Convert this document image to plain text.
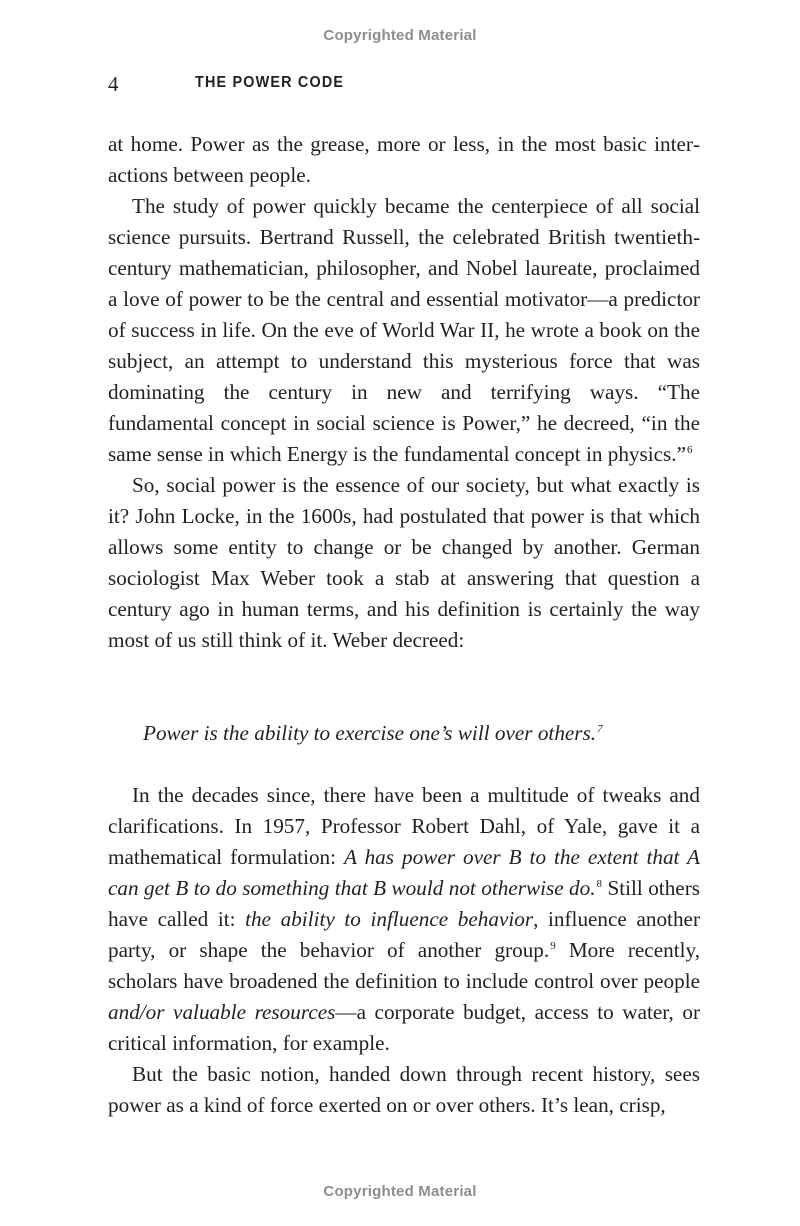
Copyrighted Material
4	THE POWER CODE

at home. Power as the grease, more or less, in the most basic interactions between people.

The study of power quickly became the centerpiece of all social science pursuits. Bertrand Russell, the celebrated British twentieth-century mathematician, philosopher, and Nobel laureate, proclaimed a love of power to be the central and essential motivator—a predictor of success in life. On the eve of World War II, he wrote a book on the subject, an attempt to understand this mysterious force that was dominating the century in new and terrifying ways. “The fundamental concept in social science is Power,” he decreed, “in the same sense in which Energy is the fundamental concept in physics.”$^6$

So, social power is the essence of our society, but what exactly is it? John Locke, in the 1600s, had postulated that power is that which allows some entity to change or be changed by another. German sociologist Max Weber took a stab at answering that question a century ago in human terms, and his definition is certainly the way most of us still think of it. Weber decreed:

Power is the ability to exercise one’s will over others.$^7$

In the decades since, there have been a multitude of tweaks and clarifications. In 1957, Professor Robert Dahl, of Yale, gave it a mathematical formulation: A has power over B to the extent that A can get B to do something that B would not otherwise do.$^8$ Still others have called it: the ability to influence behavior, influence another party, or shape the behavior of another group.$^9$ More recently, scholars have broadened the definition to include control over people and/​or valuable resources—a corporate budget, access to water, or critical information, for example.

But the basic notion, handed down through recent history, sees power as a kind of force exerted on or over others. It’s lean, crisp,

Copyrighted Material
